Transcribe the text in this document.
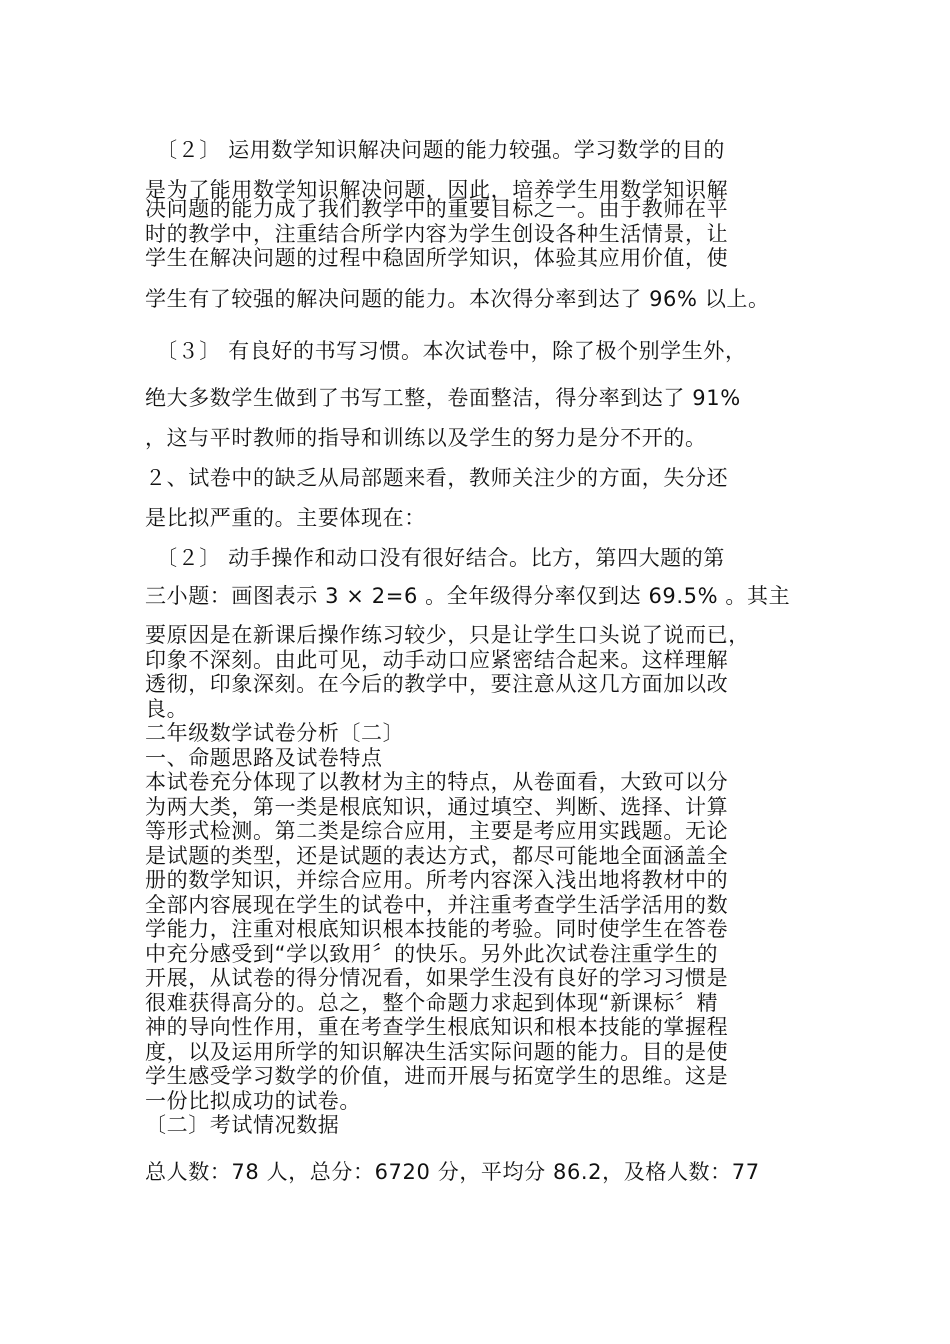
　〔２〕 运用数学知识解决问题的能力较强。学习数学的目的
是为了能用数学知识解决问题，因此，培养学生用数学知识解
决问题的能力成了我们教学中的重要目标之一。由于教师在平
时的教学中，注重结合所学内容为学生创设各种生活情景，让
学生在解决问题的过程中稳固所学知识，体验其应用价值，使
学生有了较强的解决问题的能力。本次得分率到达了 96% 以上。
　〔３〕 有良好的书写习惯。本次试卷中，除了极个别学生外，
绝大多数学生做到了书写工整，卷面整洁，得分率到达了 91%
，这与平时教师的指导和训练以及学生的努力是分不开的。
２、试卷中的缺乏从局部题来看，教师关注少的方面，失分还
是比拟严重的。主要体现在：
　〔２〕 动手操作和动口没有很好结合。比方，第四大题的第
三小题：画图表示 3 × 2=6 。全年级得分率仅到达 69.5% 。其主
要原因是在新课后操作练习较少，只是让学生口头说了说而已，
印象不深刻。由此可见，动手动口应紧密结合起来。这样理解
透彻，印象深刻。在今后的教学中，要注意从这几方面加以改
良。
二年级数学试卷分析〔二〕
一、命题思路及试卷特点
本试卷充分体现了以教材为主的特点，从卷面看，大致可以分
为两大类，第一类是根底知识，通过填空、判断、选择、计算
等形式检测。第二类是综合应用，主要是考应用实践题。无论
是试题的类型，还是试题的表达方式，都尽可能地全面涵盖全
册的数学知识，并综合应用。所考内容深入浅出地将教材中的
全部内容展现在学生的试卷中，并注重考查学生活学活用的数
学能力，注重对根底知识根本技能的考验。同时使学生在答卷
中充分感受到“学以致用〞的快乐。另外此次试卷注重学生的
开展，从试卷的得分情况看，如果学生没有良好的学习习惯是
很难获得高分的。总之，整个命题力求起到体现“新课标〞精
神的导向性作用，重在考查学生根底知识和根本技能的掌握程
度，以及运用所学的知识解决生活实际问题的能力。目的是使
学生感受学习数学的价值，进而开展与拓宽学生的思维。这是
一份比拟成功的试卷。
〔二〕考试情况数据
总人数：78 人，总分：6720 分，平均分 86.2，及格人数：77
